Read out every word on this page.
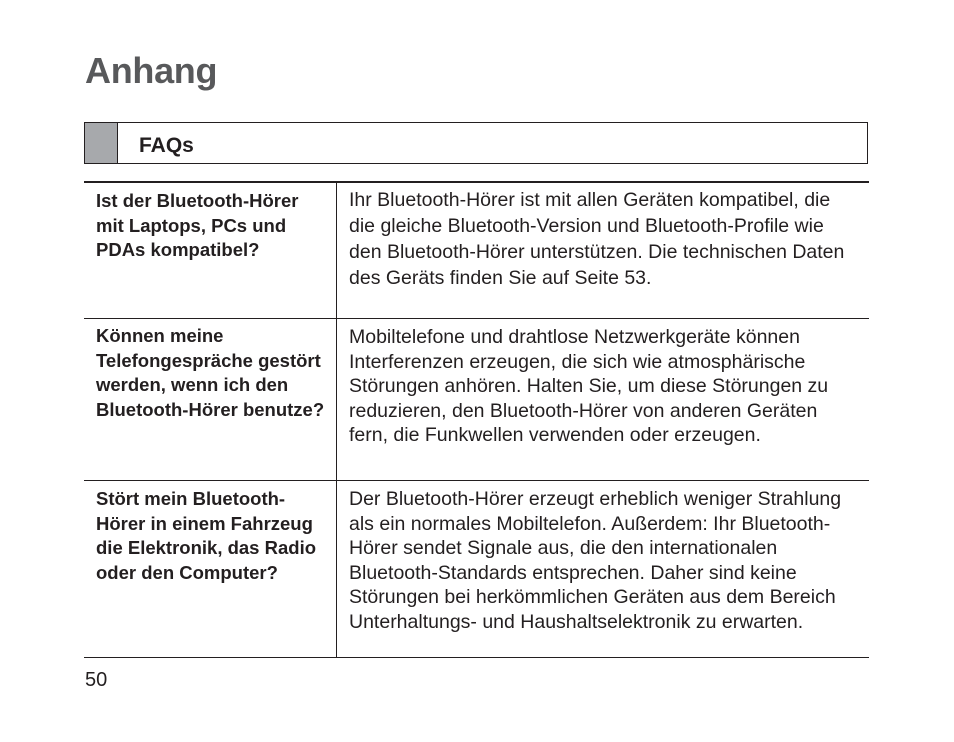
Anhang
FAQs
Ist der Bluetooth-Hörer mit Laptops, PCs und PDAs kompatibel?
Ihr Bluetooth-Hörer ist mit allen Geräten kompatibel, die die gleiche Bluetooth-Version und Bluetooth-Profile wie den Bluetooth-Hörer unterstützen. Die technischen Daten des Geräts finden Sie auf Seite 53.
Können meine Telefongespräche gestört werden, wenn ich den Bluetooth-Hörer benutze?
Mobiltelefone und drahtlose Netzwerkgeräte können Interferenzen erzeugen, die sich wie atmosphärische Störungen anhören. Halten Sie, um diese Störungen zu reduzieren, den Bluetooth-Hörer von anderen Geräten fern, die Funkwellen verwenden oder erzeugen.
Stört mein Bluetooth-Hörer in einem Fahrzeug die Elektronik, das Radio oder den Computer?
Der Bluetooth-Hörer erzeugt erheblich weniger Strahlung als ein normales Mobiltelefon. Außerdem: Ihr Bluetooth-Hörer sendet Signale aus, die den internationalen Bluetooth-Standards entsprechen. Daher sind keine Störungen bei herkömmlichen Geräten aus dem Bereich Unterhaltungs- und Haushaltselektronik zu erwarten.
50
